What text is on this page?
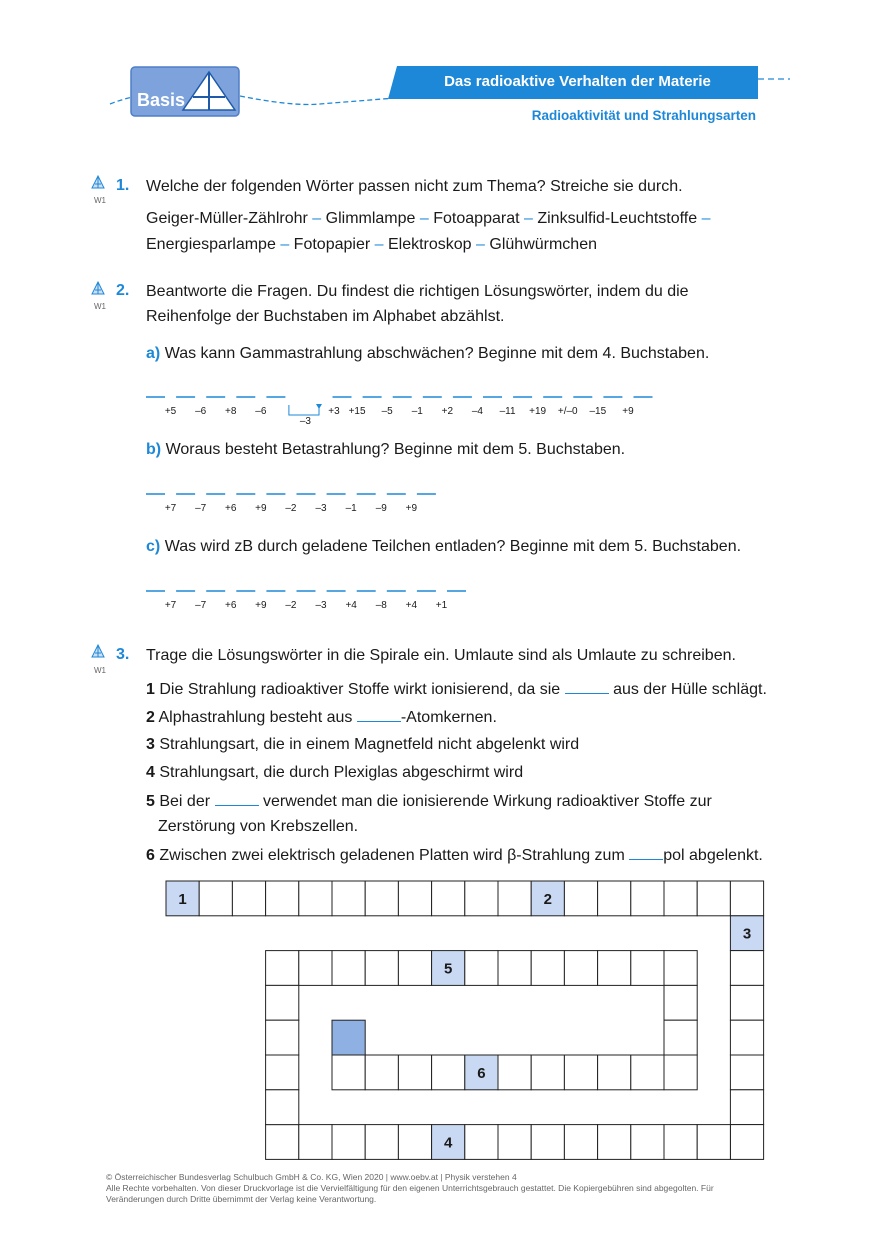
Basis
Das radioaktive Verhalten der Materie
Radioaktivität und Strahlungsarten
W1
1. Welche der folgenden Wörter passen nicht zum Thema? Streiche sie durch.
Geiger-Müller-Zählrohr – Glimmlampe – Fotoapparat – Zinksulfid-Leuchtstoffe –
Energiesparlampe – Fotopapier – Elektroskop – Glühwürmchen
W1
2. Beantworte die Fragen. Du findest die richtigen Lösungswörter, indem du die
Reihenfolge der Buchstaben im Alphabet abzählst.
a) Was kann Gammastrahlung abschwächen? Beginne mit dem 4. Buchstaben.
+5 –6 +8 –6	+3 +15 –5 –1 +2 –4 –11 +19 +/–0 –15 +9
–3
b) Woraus besteht Betastrahlung? Beginne mit dem 5. Buchstaben.
+7 –7 +6 +9 –2 –3 –1 –9 +9
c) Was wird zB durch geladene Teilchen entladen? Beginne mit dem 5. Buchstaben.
+7 –7 +6 +9 –2 –3 +4 –8 +4 +1
W1
3. Trage die Lösungswörter in die Spirale ein. Umlaute sind als Umlaute zu schreiben.
1 Die Strahlung radioaktiver Stoffe wirkt ionisierend, da sie	aus der Hülle schlägt.
2 Alphastrahlung besteht aus	-Atomkernen.
3 Strahlungsart, die in einem Magnetfeld nicht abgelenkt wird
4 Strahlungsart, die durch Plexiglas abgeschirmt wird
5 Bei der	verwendet man die ionisierende Wirkung radioaktiver Stoffe zur
Zerstörung von Krebszellen.
6 Zwischen zwei elektrisch geladenen Platten wird β-Strahlung zum pol abgelenkt.
1	2
3
4
5
6
© Österreichischer Bundesverlag Schulbuch GmbH & Co. KG, Wien 2020 | www.oebv.at | Physik verstehen 4
Alle Rechte vorbehalten. Von dieser Druckvorlage ist die Vervielfältigung für den eigenen Unterrichtsgebrauch gestattet. Die Kopiergebühren sind abgegolten. Für
Veränderungen durch Dritte übernimmt der Verlag keine Verantwortung.
